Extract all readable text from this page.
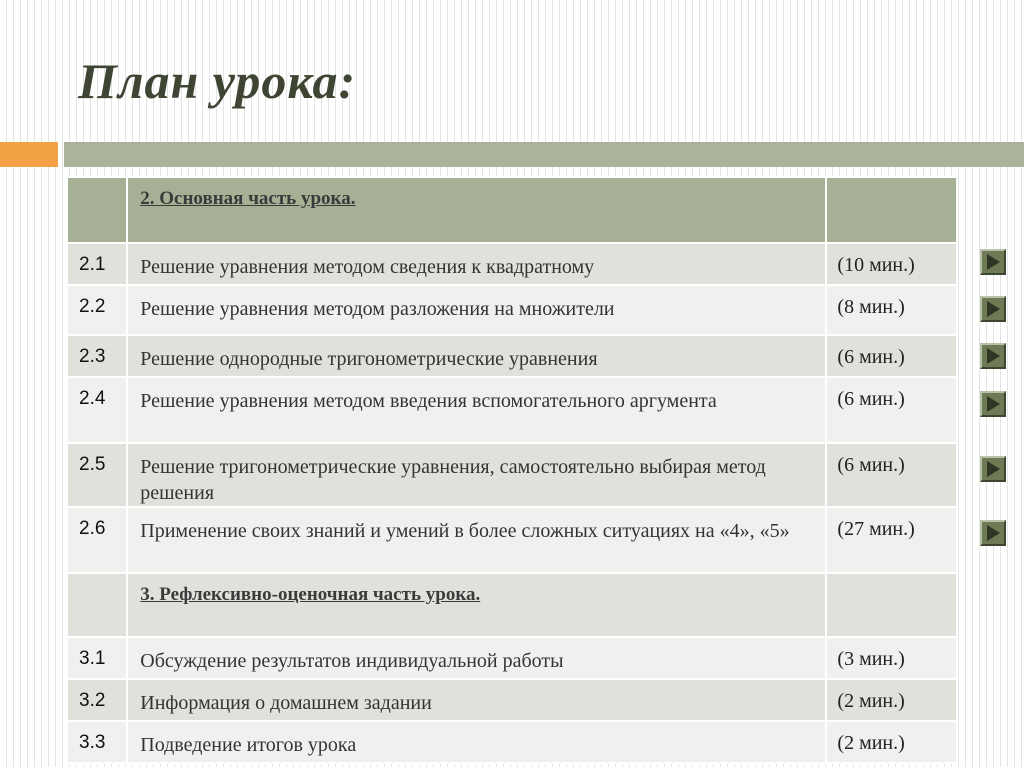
План урока:

	2. Основная часть урока.	

2.1	Решение уравнения методом сведения к квадратному	(10 мин.)

2.2	Решение уравнения методом разложения на множители	(8 мин.)

2.3	Решение однородные тригонометрические уравнения	(6 мин.)

2.4	Решение уравнения методом введения вспомогательного аргумента	(6 мин.)

2.5	Решение тригонометрические уравнения, самостоятельно выбирая метод решения	(6 мин.)

2.6	Применение своих знаний и умений в более сложных ситуациях на «4», «5»	(27 мин.)

	3. Рефлексивно-оценочная часть урока.	

3.1	Обсуждение результатов индивидуальной работы	(3 мин.)

3.2	Информация о домашнем задании	(2 мин.)

3.3	Подведение итогов урока	(2 мин.)
